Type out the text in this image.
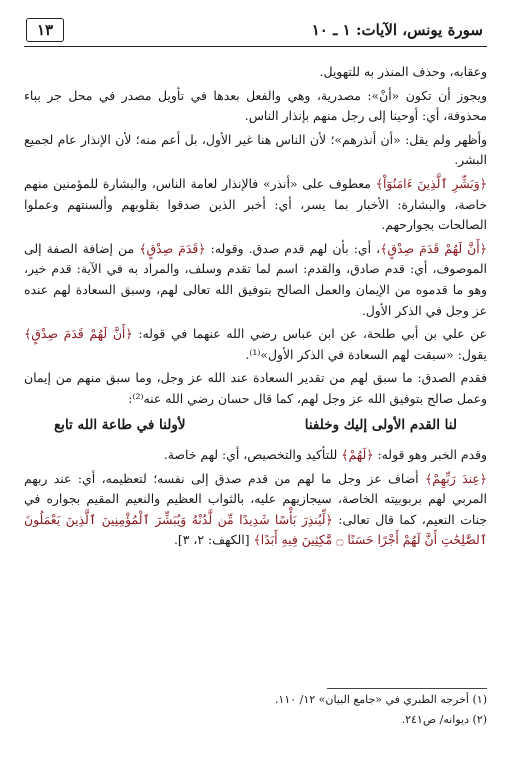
سورة يونس، الآيات: ١ ـ ١٠
١٣

وعقابه، وحذف المنذر به للتهويل.

ويجوز أن تكون «أنْ»: مصدرية، وهي والفعل بعدها في تأويل مصدر في محل جر بباء محذوفة، أي: أوحينا إلى رجل منهم بإنذار الناس.

وأظهر ولم يقل: «أن أنذرهم»؛ لأن الناس هنا غير الأول، بل أعم منه؛ لأن الإنذار عام لجميع البشر.

﴿وَبَشِّرِ ٱلَّذِينَ ءَامَنُوٓاْ﴾ معطوف على «أنذر» فالإنذار لعامة الناس، والبشارة للمؤمنين منهم خاصة، والبشارة: الأخبار بما يسر، أي: أخبر الذين صدقوا بقلوبهم وألسنتهم وعملوا الصالحات بجوارحهم.

﴿أَنَّ لَهُمْ قَدَمَ صِدْقٍ﴾، أي: بأن لهم قدم صدق. وقوله: ﴿قَدَمَ صِدْقٍ﴾ من إضافة الصفة إلى الموصوف، أي: قدم صادق، والقدم: اسم لما تقدم وسلف، والمراد به في الآية: قدم خير، وهو ما قدموه من الإيمان والعمل الصالح بتوفيق الله تعالى لهم، وسبق السعادة لهم عنده عز وجل في الذكر الأول.

عن علي بن أبي طلحة، عن ابن عباس رضي الله عنهما في قوله: ﴿أَنَّ لَهُمْ قَدَمَ صِدْقٍ﴾ يقول: «سبقت لهم السعادة في الذكر الأول»⁽¹⁾.

فقدم الصدق: ما سبق لهم من تقدير السعادة عند الله عز وجل، وما سبق منهم من إيمان وعمل صالح بتوفيق الله عز وجل لهم، كما قال حسان رضي الله عنه⁽²⁾:

لنا القدم الأولى إليك وخلفنا
لأولنا في طاعة الله تابع

وقدم الخبر وهو قوله: ﴿لَهُمْ﴾ للتأكيد والتخصيص، أي: لهم خاصة.

﴿عِندَ رَبِّهِمْ﴾ أضاف عز وجل ما لهم من قدم صدق إلى نفسه؛ لتعظيمه، أي: عند ربهم المربي لهم بربوبيته الخاصة، سيجازيهم عليه، بالثواب العظيم والنعيم المقيم بجواره في جنات النعيم، كما قال تعالى: ﴿لِّيُنذِرَ بَأْسًا شَدِيدًا مِّن لَّدُنْهُ وَيُبَشِّرَ ٱلْمُؤْمِنِينَ ٱلَّذِينَ يَعْمَلُونَ ٱلصَّٰلِحَٰتِ أَنَّ لَهُمْ أَجْرًا حَسَنًا ۝ مَّٰكِثِينَ فِيهِ أَبَدًا﴾ [الكهف: ٢، ٣].

(١) أخرجه الطبري في «جامع البيان» ١٢/ ١١٠.

(٢) ديوانه/ ص٢٤١.
